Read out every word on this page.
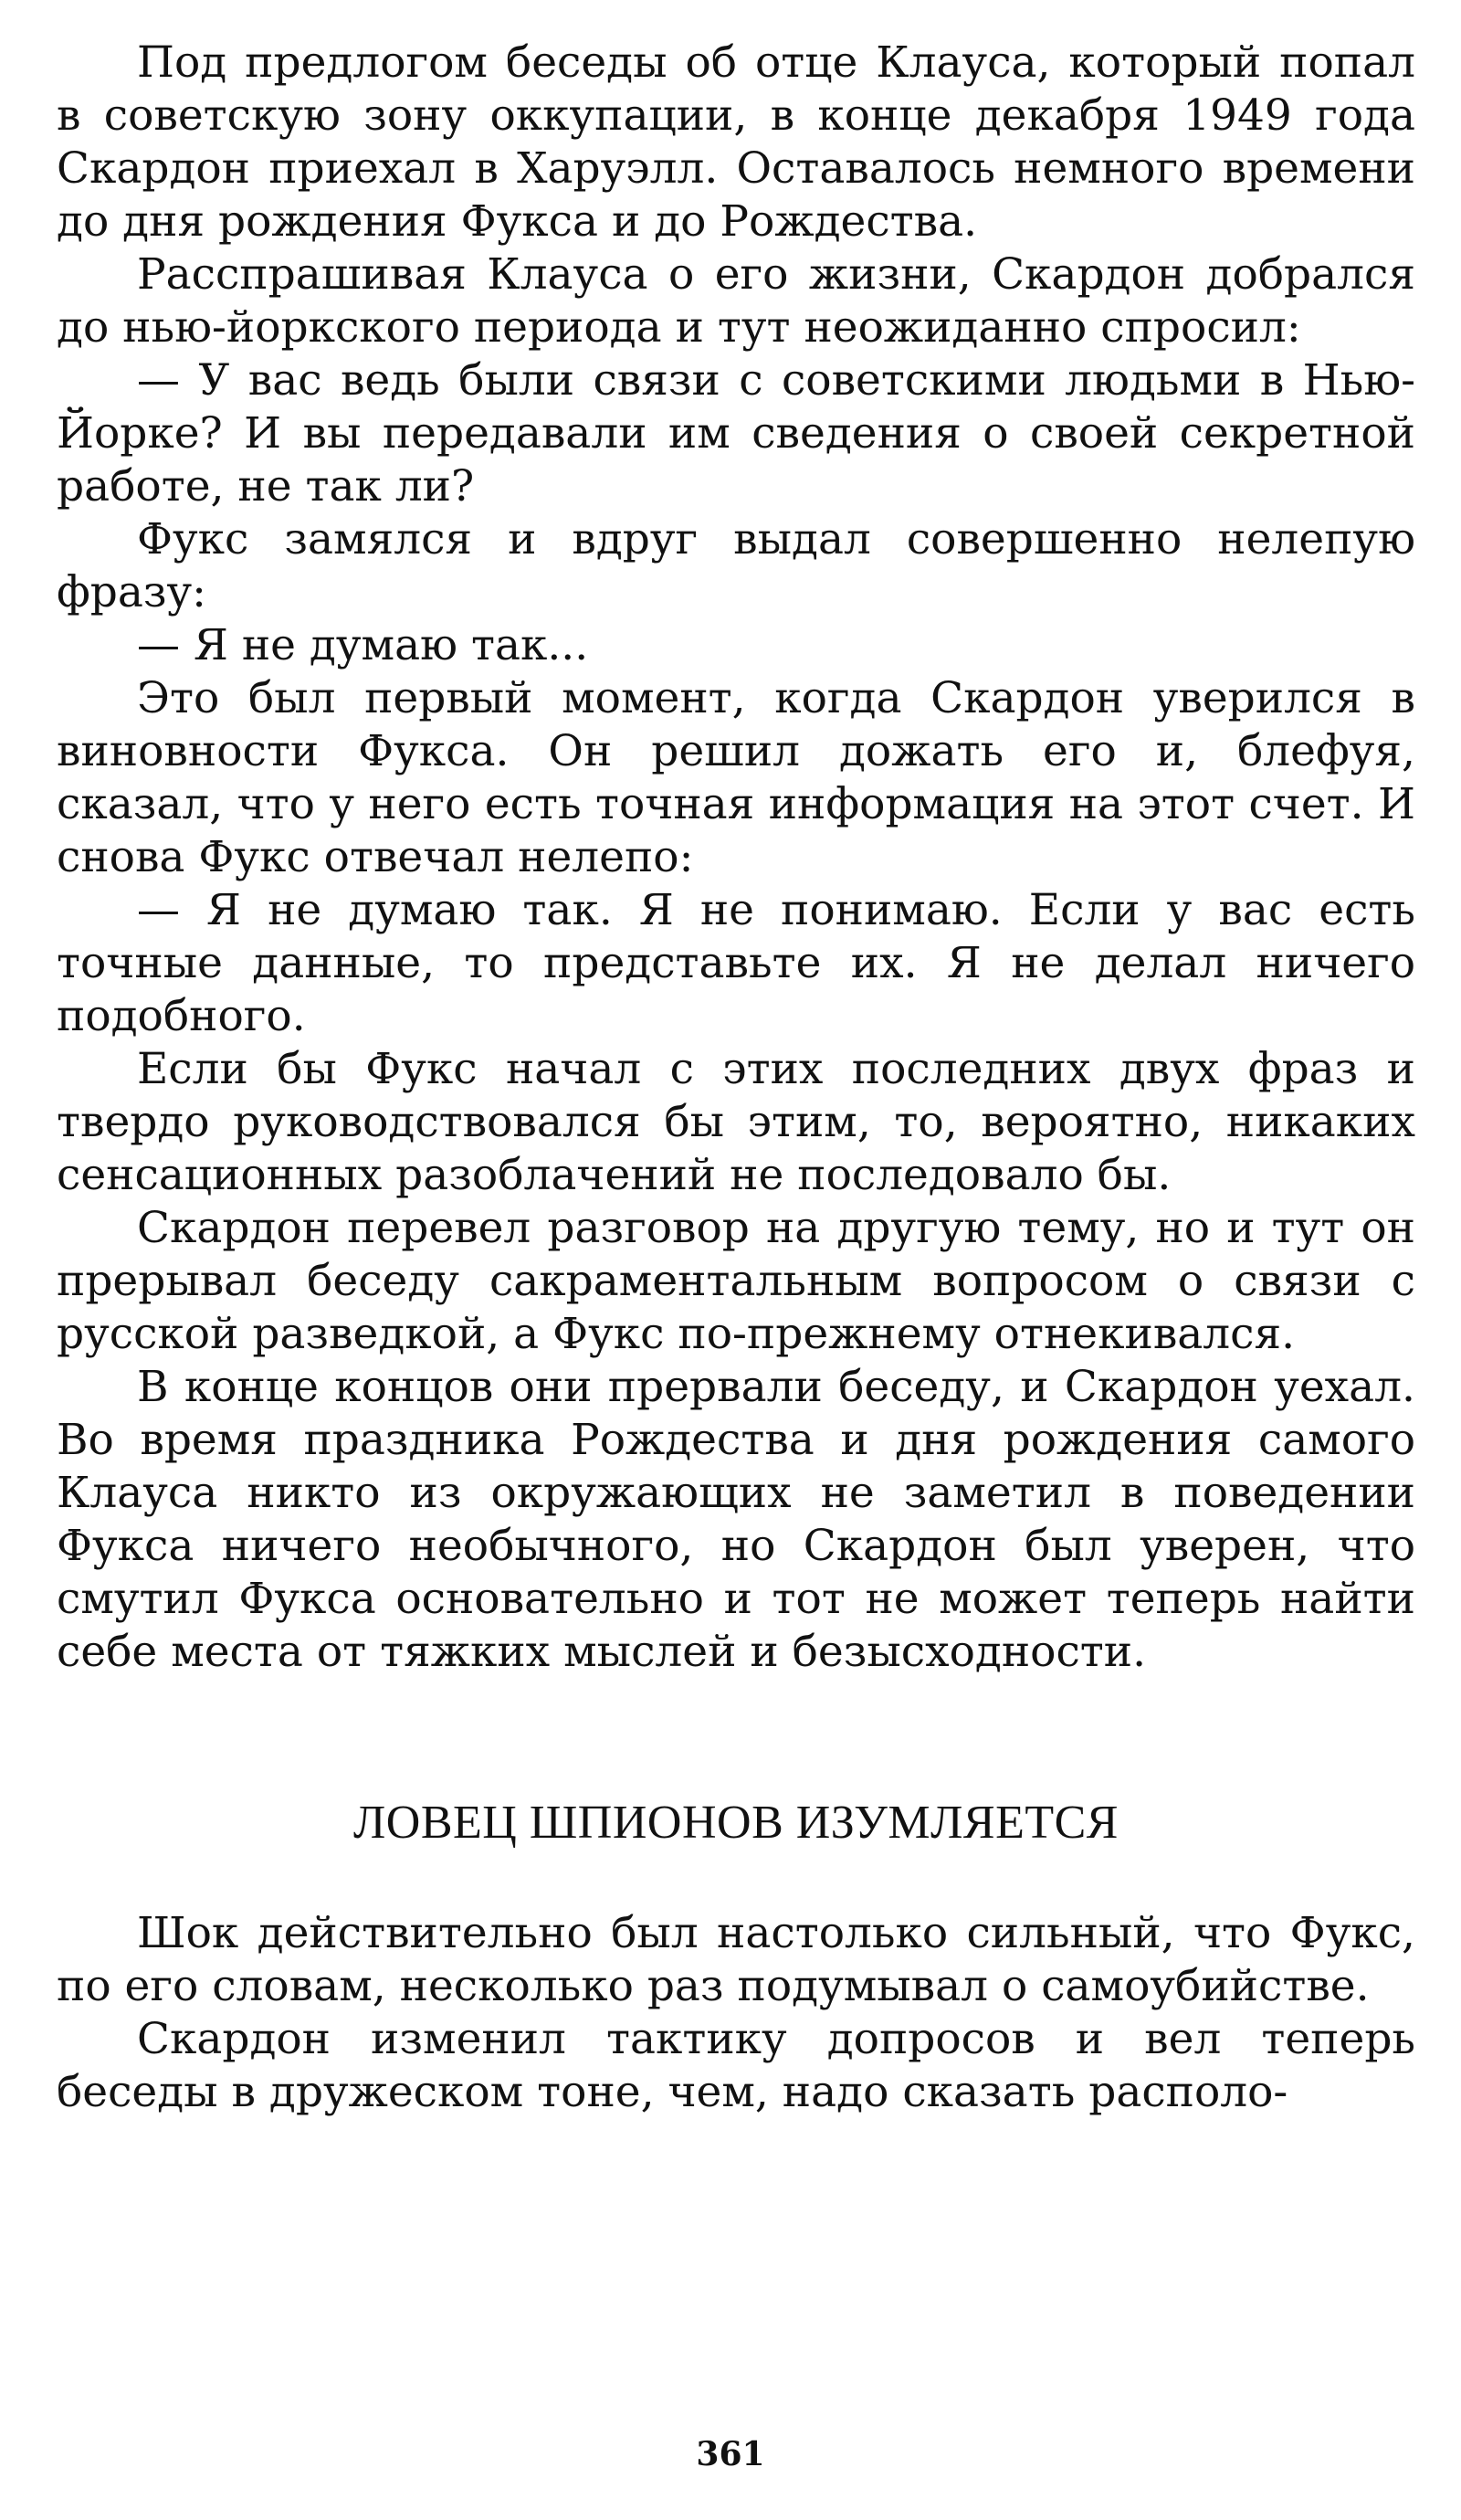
Под предлогом беседы об отце Клауса, который попал в советскую зону оккупации, в конце декабря 1949 года Скардон приехал в Харуэлл. Оставалось немного времени до дня рождения Фукса и до Рождества.

Расспрашивая Клауса о его жизни, Скардон добрался до нью-йоркского периода и тут неожиданно спросил:

— У вас ведь были связи с советскими людьми в Нью-Йорке? И вы передавали им сведения о своей секретной работе, не так ли?

Фукс замялся и вдруг выдал совершенно нелепую фразу:

— Я не думаю так...

Это был первый момент, когда Скардон уверился в виновности Фукса. Он решил дожать его и, блефуя, сказал, что у него есть точная информация на этот счет. И снова Фукс отвечал нелепо:

— Я не думаю так. Я не понимаю. Если у вас есть точные данные, то представьте их. Я не делал ничего подобного.

Если бы Фукс начал с этих последних двух фраз и твердо руководствовался бы этим, то, вероятно, никаких сенсационных разоблачений не последовало бы.

Скардон перевел разговор на другую тему, но и тут он прерывал беседу сакраментальным вопросом о связи с русской разведкой, а Фукс по-прежнему отнекивался.

В конце концов они прервали беседу, и Скардон уехал. Во время праздника Рождества и дня рождения самого Клауса никто из окружающих не заметил в поведении Фукса ничего необычного, но Скардон был уверен, что смутил Фукса основательно и тот не может теперь найти себе места от тяжких мыслей и безысходности.

ЛОВЕЦ ШПИОНОВ ИЗУМЛЯЕТСЯ

Шок действительно был настолько сильный, что Фукс, по его словам, несколько раз подумывал о самоубийстве.

Скардон изменил тактику допросов и вел теперь беседы в дружеском тоне, чем, надо сказать располо-

361
